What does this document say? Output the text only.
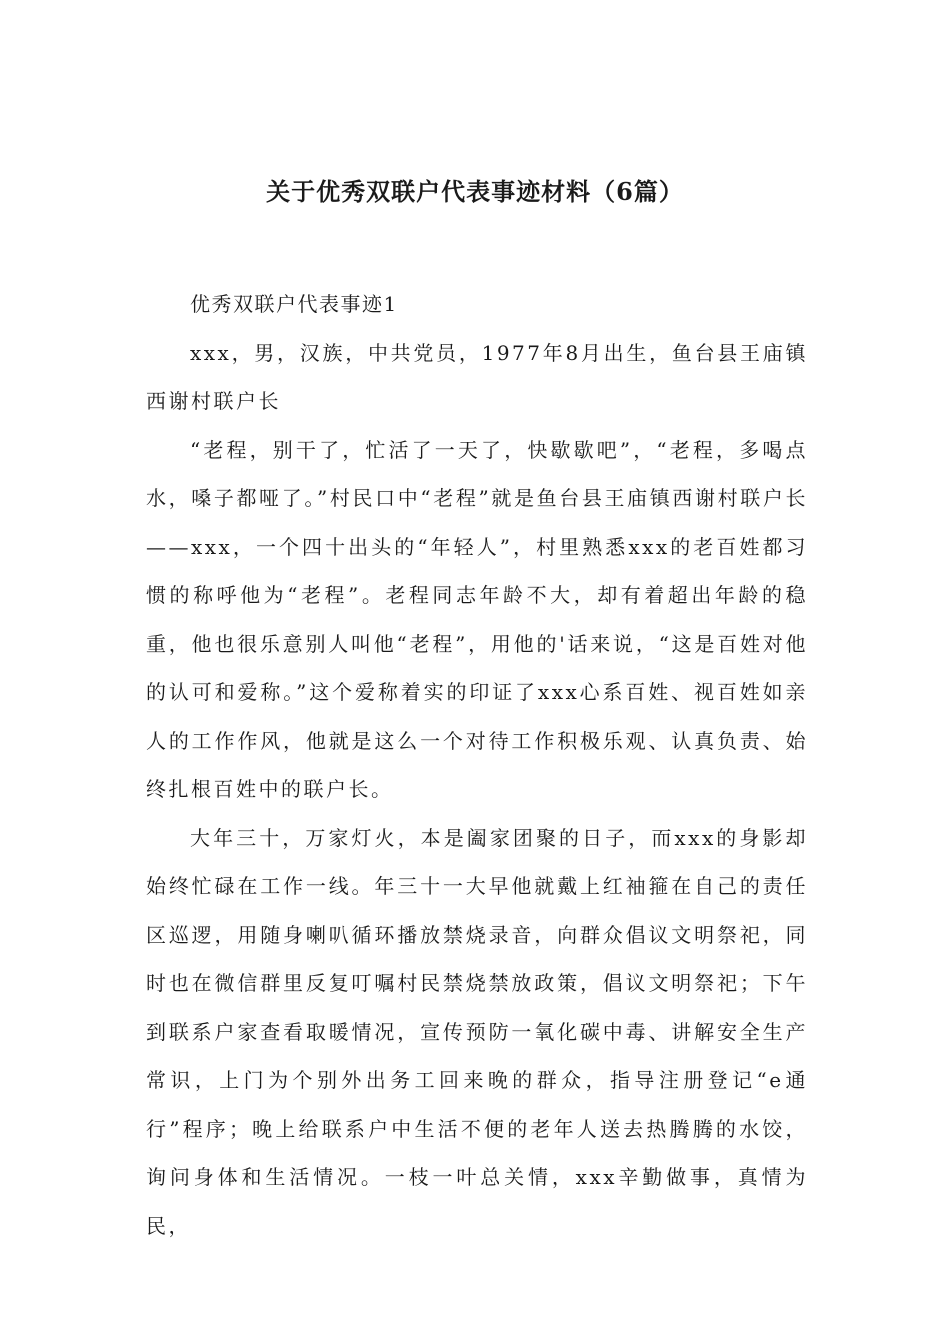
关于优秀双联户代表事迹材料（6篇）

优秀双联户代表事迹1

xxx，男，汉族，中共党员，1977年8月出生，鱼台县王庙镇西谢村联户长

“老程，别干了，忙活了一天了，快歇歇吧”，“老程，多喝点水，嗓子都哑了。”村民口中“老程”就是鱼台县王庙镇西谢村联户长——xxx，一个四十出头的“年轻人”，村里熟悉xxx的老百姓都习惯的称呼他为“老程”。老程同志年龄不大，却有着超出年龄的稳重，他也很乐意别人叫他“老程”，用他的'话来说，“这是百姓对他的认可和爱称。”这个爱称着实的印证了xxx心系百姓、视百姓如亲人的工作作风，他就是这么一个对待工作积极乐观、认真负责、始终扎根百姓中的联户长。

大年三十，万家灯火，本是阖家团聚的日子，而xxx的身影却始终忙碌在工作一线。年三十一大早他就戴上红袖箍在自己的责任区巡逻，用随身喇叭循环播放禁烧录音，向群众倡议文明祭祀，同时也在微信群里反复叮嘱村民禁烧禁放政策，倡议文明祭祀；下午到联系户家查看取暖情况，宣传预防一氧化碳中毒、讲解安全生产常识，上门为个别外出务工回来晚的群众，指导注册登记“e通行”程序；晚上给联系户中生活不便的老年人送去热腾腾的水饺，询问身体和生活情况。一枝一叶总关情，xxx辛勤做事，真情为民，
